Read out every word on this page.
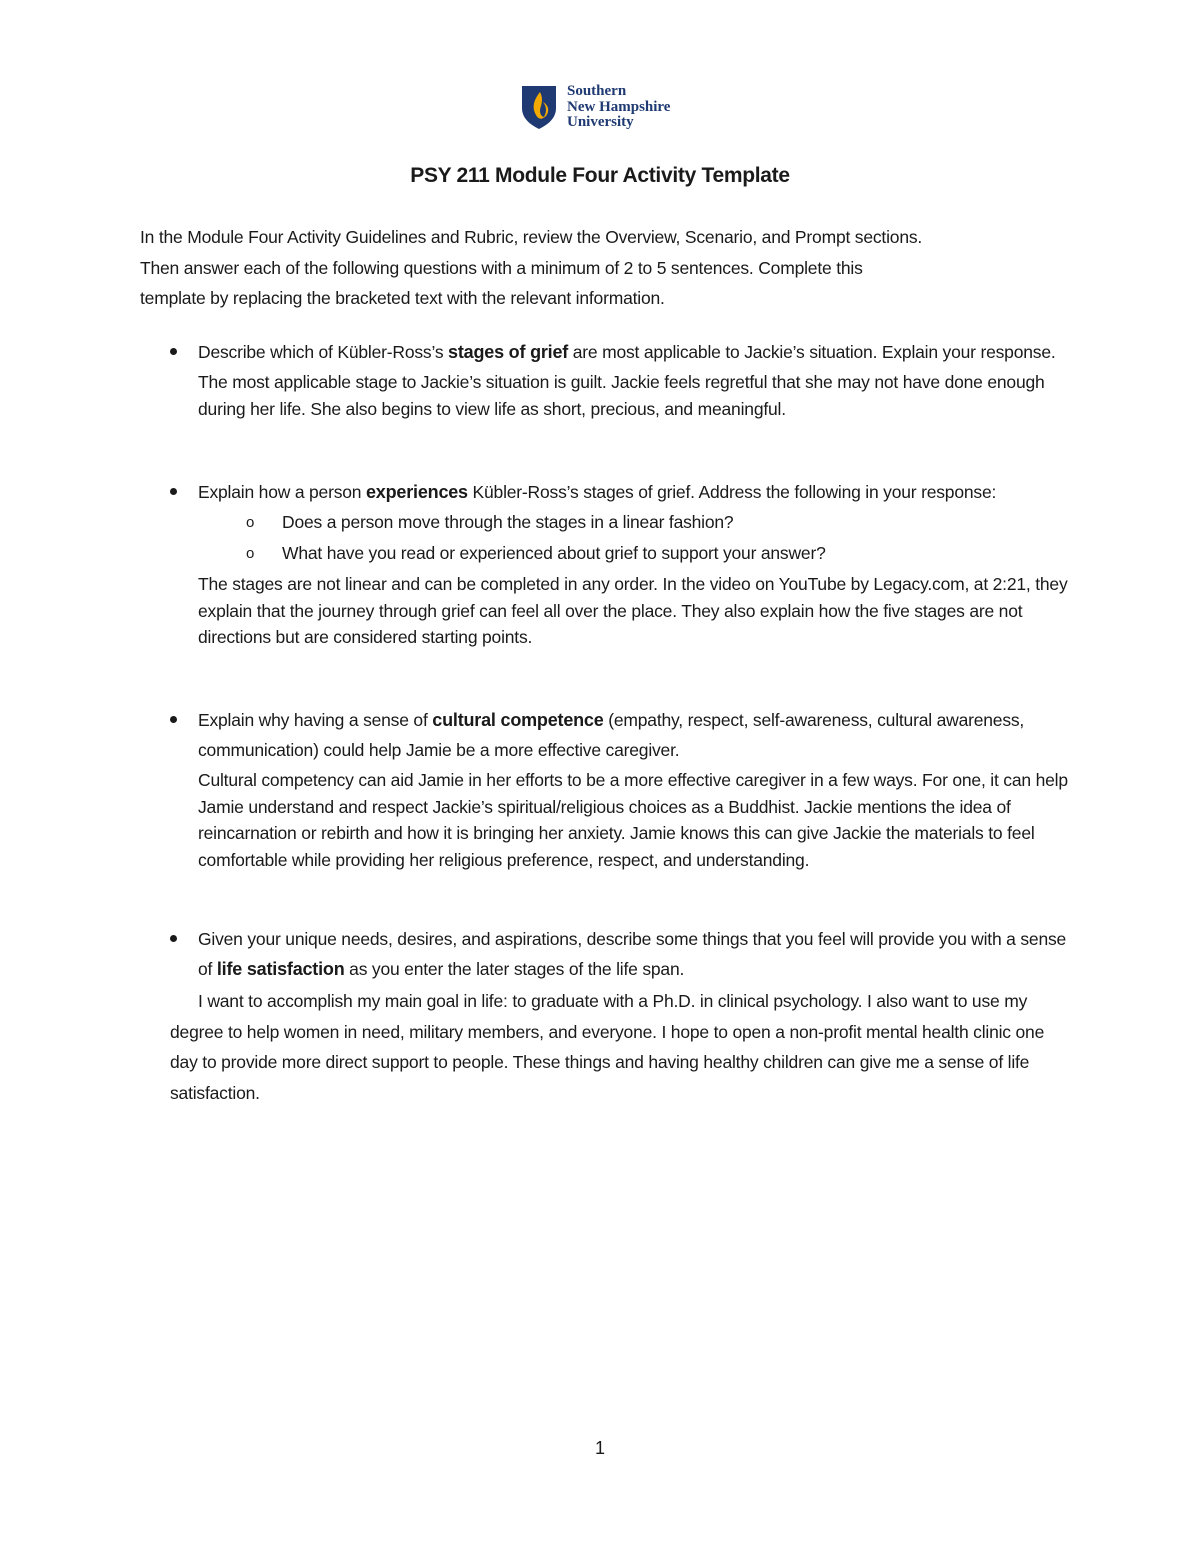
Southern
New Hampshire
University
PSY 211 Module Four Activity Template

In the Module Four Activity Guidelines and Rubric, review the Overview, Scenario, and Prompt sections.

Then answer each of the following questions with a minimum of 2 to 5 sentences. Complete this

template by replacing the bracketed text with the relevant information.

Describe which of Kübler-Ross’s stages of grief are most applicable to Jackie’s situation. Explain your response.
The most applicable stage to Jackie’s situation is guilt. Jackie feels regretful that she may not have done enough during her life. She also begins to view life as short, precious, and meaningful.
Explain how a person experiences Kübler-Ross’s stages of grief. Address the following in your response:
o Does a person move through the stages in a linear fashion?
o What have you read or experienced about grief to support your answer?
The stages are not linear and can be completed in any order. In the video on YouTube by Legacy.com, at 2:21, they explain that the journey through grief can feel all over the place. They also explain how the five stages are not directions but are considered starting points.
Explain why having a sense of cultural competence (empathy, respect, self-awareness, cultural awareness, communication) could help Jamie be a more effective caregiver.
Cultural competency can aid Jamie in her efforts to be a more effective caregiver in a few ways. For one, it can help Jamie understand and respect Jackie’s spiritual/religious choices as a Buddhist. Jackie mentions the idea of reincarnation or rebirth and how it is bringing her anxiety. Jamie knows this can give Jackie the materials to feel comfortable while providing her religious preference, respect, and understanding.
Given your unique needs, desires, and aspirations, describe some things that you feel will provide you with a sense of life satisfaction as you enter the later stages of the life span.
I want to accomplish my main goal in life: to graduate with a Ph.D. in clinical psychology. I also want to use my degree to help women in need, military members, and everyone. I hope to open a non-profit mental health clinic one day to provide more direct support to people. These things and having healthy children can give me a sense of life satisfaction.
1
